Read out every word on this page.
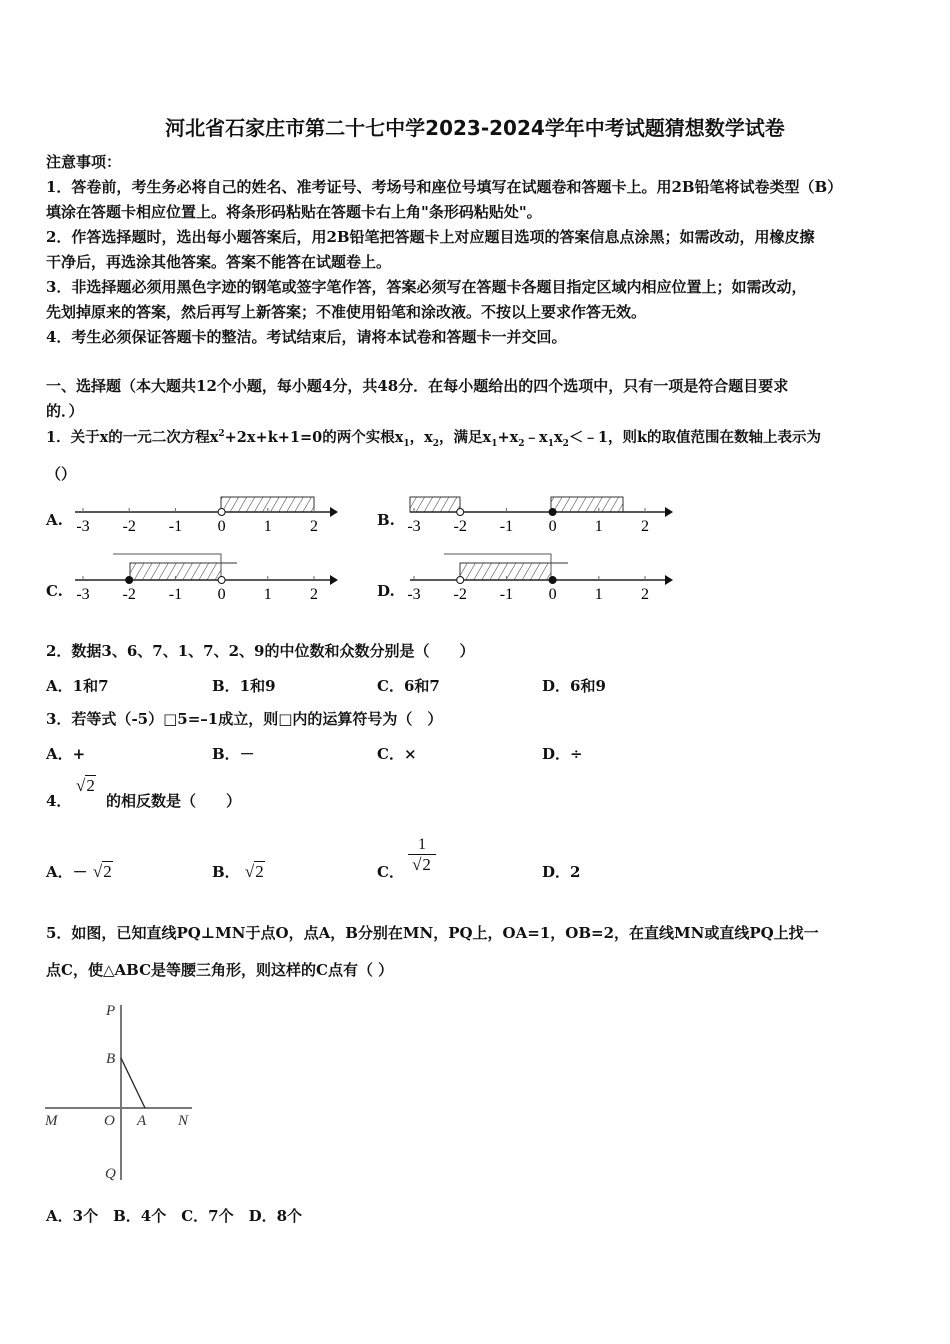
河北省石家庄市第二十七中学2023-2024学年中考试题猜想数学试卷
注意事项：
1．答卷前，考生务必将自己的姓名、准考证号、考场号和座位号填写在试题卷和答题卡上。用2B铅笔将试卷类型（B）
填涂在答题卡相应位置上。将条形码粘贴在答题卡右上角"条形码粘贴处"。
2．作答选择题时，选出每小题答案后，用2B铅笔把答题卡上对应题目选项的答案信息点涂黑；如需改动，用橡皮擦
干净后，再选涂其他答案。答案不能答在试题卷上。
3．非选择题必须用黑色字迹的钢笔或签字笔作答，答案必须写在答题卡各题目指定区域内相应位置上；如需改动，
先划掉原来的答案，然后再写上新答案；不准使用铅笔和涂改液。不按以上要求作答无效。
4．考生必须保证答题卡的整洁。考试结束后，请将本试卷和答题卡一并交回。
一、选择题（本大题共12个小题，每小题4分，共48分．在每小题给出的四个选项中，只有一项是符合题目要求
的．）
1．关于x的一元二次方程$x^2+2x+k+1=0$的两个实根$x_1$，$x_2$，满足$x_1+x_2﹣x_1x_2<﹣1$，则k的取值范围在数轴上表示为
（）
A.	B.
C.	D.
-3 -2 -1 0 1 2	-3 -2 -1 0 1 2
-3 -2 -1 0 1 2	-3 -2 -1 0 1 2
2．数据3、6、7、1、7、2、9的中位数和众数分别是（　　）
A．1和7	B．1和9	C．6和7	D．6和9
3．若等式（-5）□5=–1成立，则□内的运算符号为（　）
A．+	B．－	C．×	D．÷
4．
√2
的相反数是（　　）
A．－ √2	B． √2	C． $\frac{1}{√2}$	D．2
5．如图，已知直线PQ⊥MN于点O，点A，B分别在MN，PQ上，OA=1，OB=2，在直线MN或直线PQ上找一
点C，使△ABC是等腰三角形，则这样的C点有（ ）
P
B
M	O A N
Q
A．3个　B．4个　C．7个　D．8个
